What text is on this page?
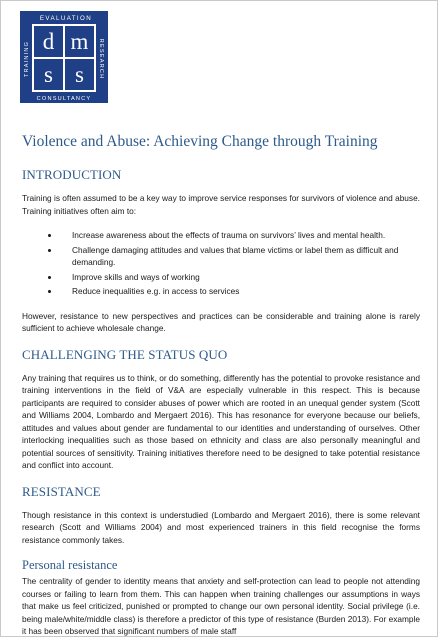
EVALUATION
CONSULTANCY
TRAINING	RESEARCH
d m
s s
Violence and Abuse: Achieving Change through Training
INTRODUCTION

Training is often assumed to be a key way to improve service responses for survivors of violence and abuse. Training initiatives often aim to:

• Increase awareness about the effects of trauma on survivors’ lives and mental health.
• Challenge damaging attitudes and values that blame victims or label them as difficult and demanding.
• Improve skills and ways of working
• Reduce inequalities e.g. in access to services

However, resistance to new perspectives and practices can be considerable and training alone is rarely sufficient to achieve wholesale change.

CHALLENGING THE STATUS QUO

Any training that requires us to think, or do something, differently has the potential to provoke resistance and training interventions in the field of V&A are especially vulnerable in this respect. This is because participants are required to consider abuses of power which are rooted in an unequal gender system (Scott and Williams 2004, Lombardo and Mergaert 2016). This has resonance for everyone because our beliefs, attitudes and values about gender are fundamental to our identities and understanding of ourselves. Other interlocking inequalities such as those based on ethnicity and class are also personally meaningful and potential sources of sensitivity. Training initiatives therefore need to be designed to take potential resistance and conflict into account.

RESISTANCE

Though resistance in this context is understudied (Lombardo and Mergaert 2016), there is some relevant research (Scott and Williams 2004) and most experienced trainers in this field recognise the forms resistance commonly takes.

Personal resistance

The centrality of gender to identity means that anxiety and self-protection can lead to people not attending courses or failing to learn from them. This can happen when training challenges our assumptions in ways that make us feel criticized, punished or prompted to change our own personal identity. Social privilege (i.e. being male/white/middle class) is therefore a predictor of this type of resistance (Burden 2013). For example it has been observed that significant numbers of male staff
